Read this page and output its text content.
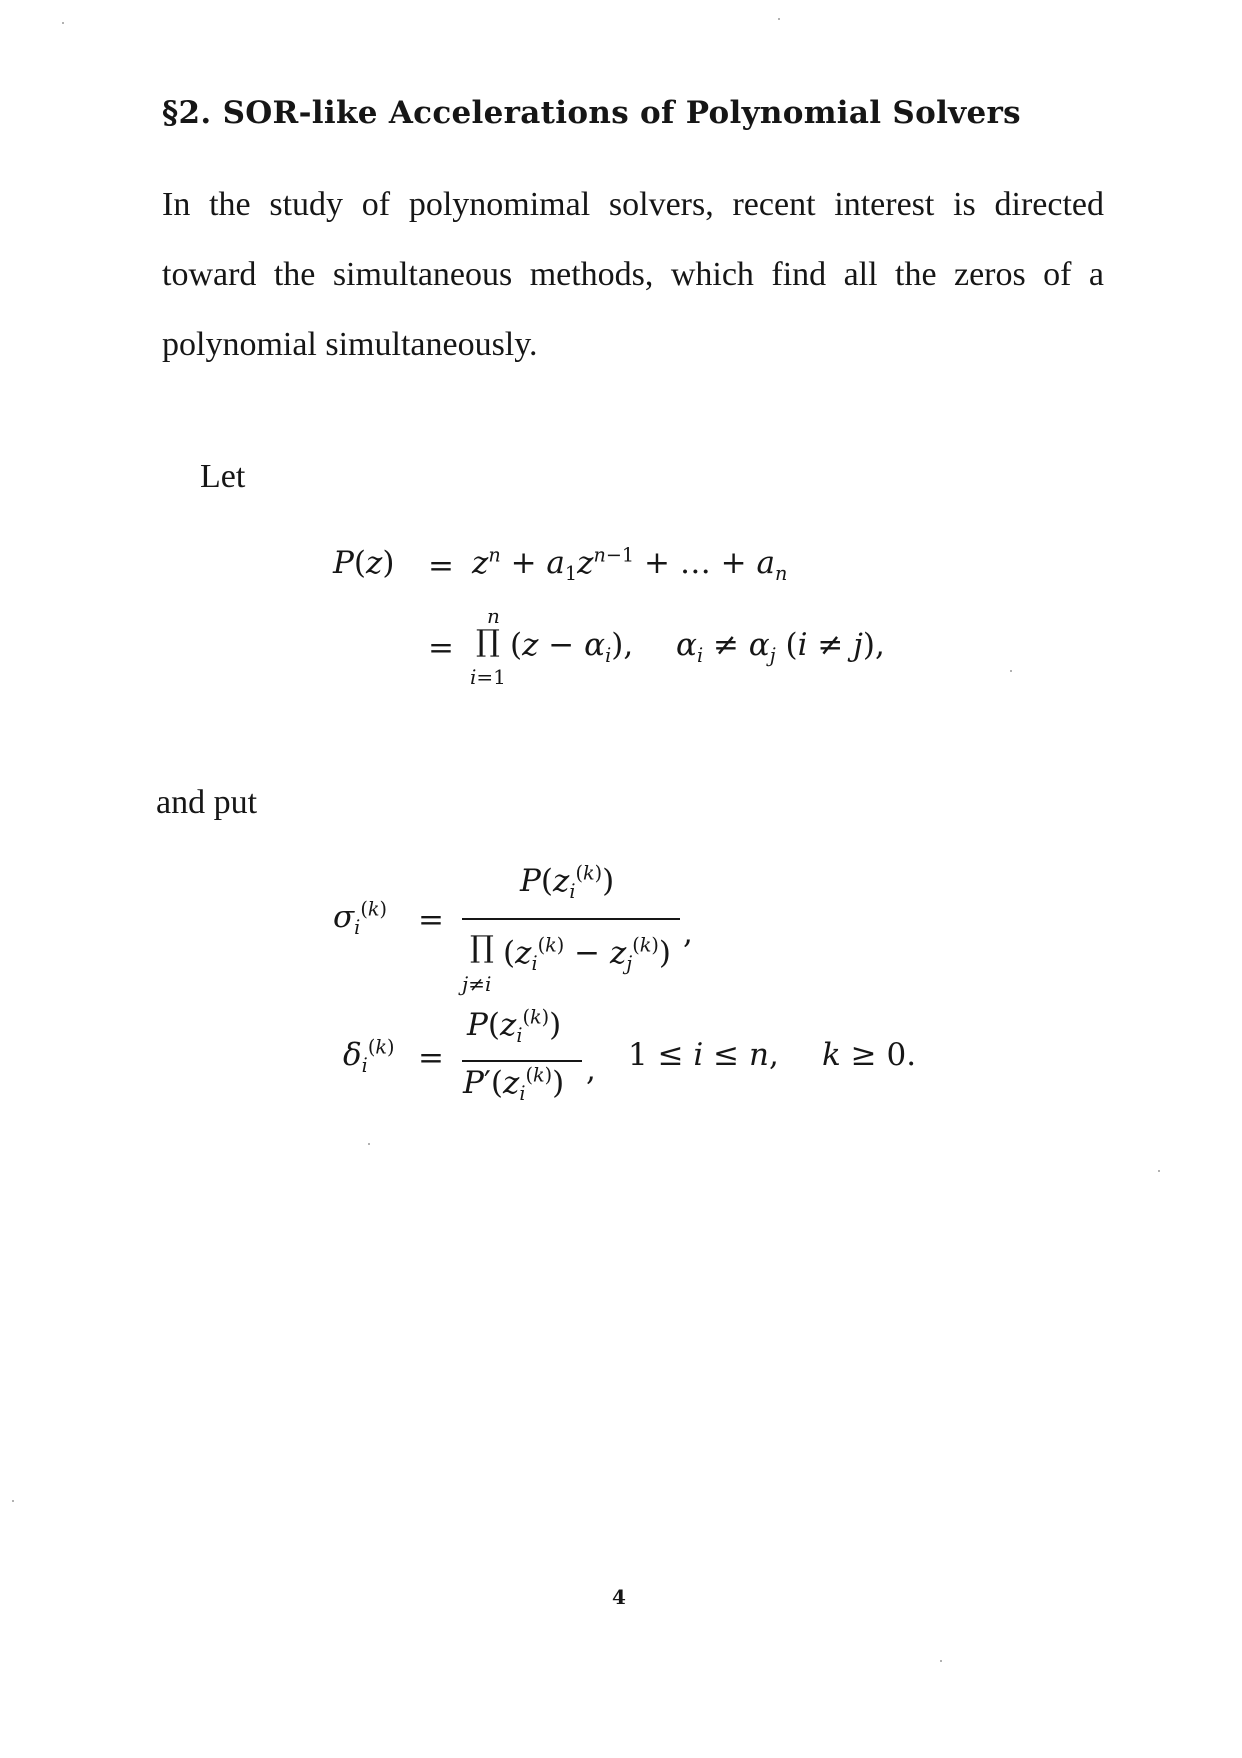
§2. SOR-like Accelerations of Polynomial Solvers

In the study of polynomimal solvers, recent interest is directed toward the simultaneous methods, which find all the zeros of a polynomial simultaneously.

Let

$P(z) = z^n + a_1z^{n-1}$ + … + $a_n$
=
n
∏
i=1
$(z - \alpha_i)$, $\alpha_i \ne \alpha_j$ (i ≠ j),

and put

$\sigma_i^{(k)}$ =
$P(z_i^{(k)})$
∏
j≠i
$(z_i^{(k)} - z_j^{(k)})$
,
$\delta_i^{(k)}$ =
$P(z_i^{(k)})$
$P'(z_i^{(k)})$ , 1 ≤ i ≤ n, k ≥ 0.
4
